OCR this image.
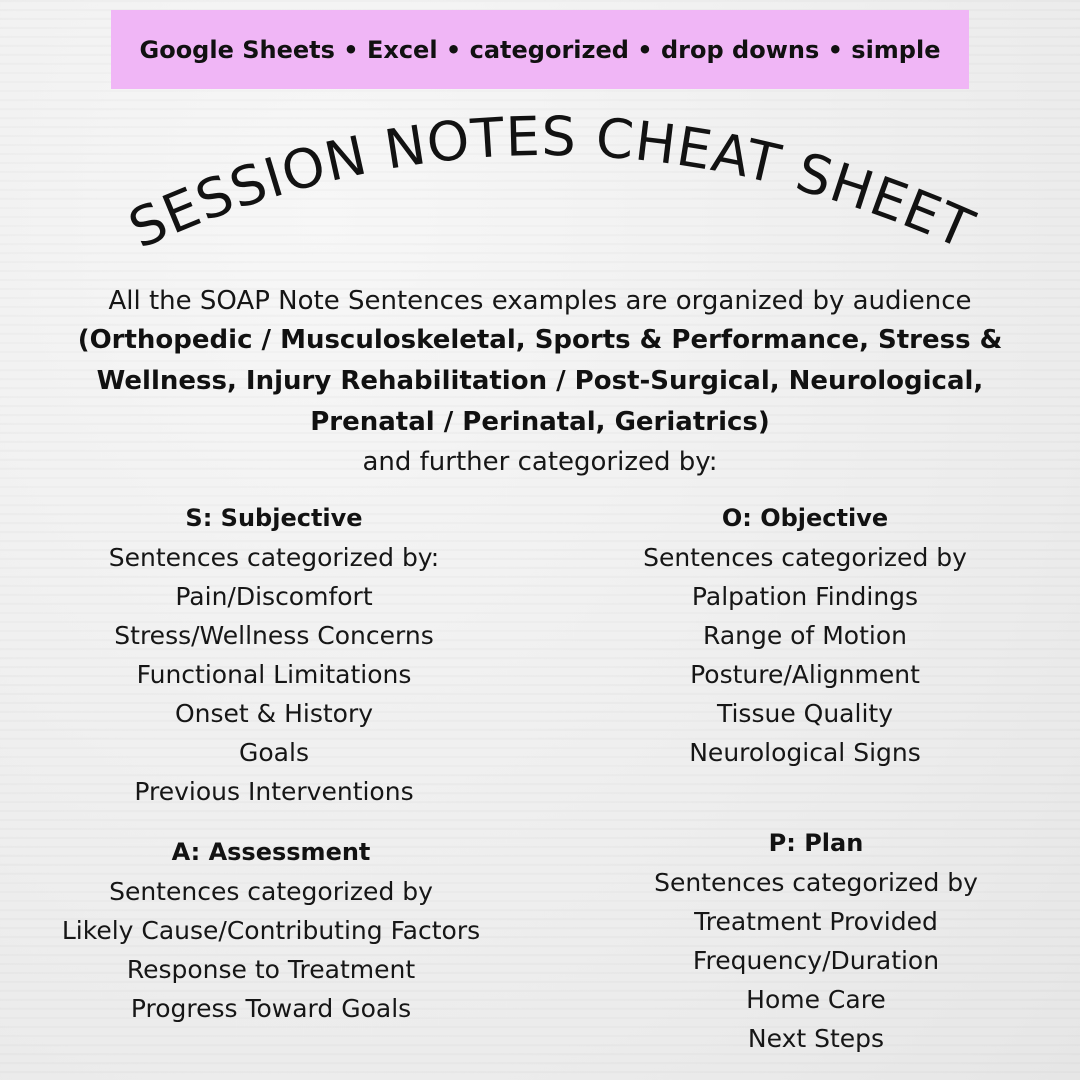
Google Sheets • Excel • categorized • drop downs • simple
SESSION NOTES CHEAT SHEET
All the SOAP Note Sentences examples are organized by audience
(Orthopedic / Musculoskeletal, Sports & Performance, Stress & Wellness, Injury Rehabilitation / Post-Surgical, Neurological, Prenatal / Perinatal, Geriatrics)
and further categorized by:
S: Subjective
Sentences categorized by:
Pain/Discomfort
Stress/Wellness Concerns
Functional Limitations
Onset & History
Goals
Previous Interventions
O: Objective
Sentences categorized by
Palpation Findings
Range of Motion
Posture/Alignment
Tissue Quality
Neurological Signs
A: Assessment
Sentences categorized by
Likely Cause/Contributing Factors
Response to Treatment
Progress Toward Goals
P: Plan
Sentences categorized by
Treatment Provided
Frequency/Duration
Home Care
Next Steps
